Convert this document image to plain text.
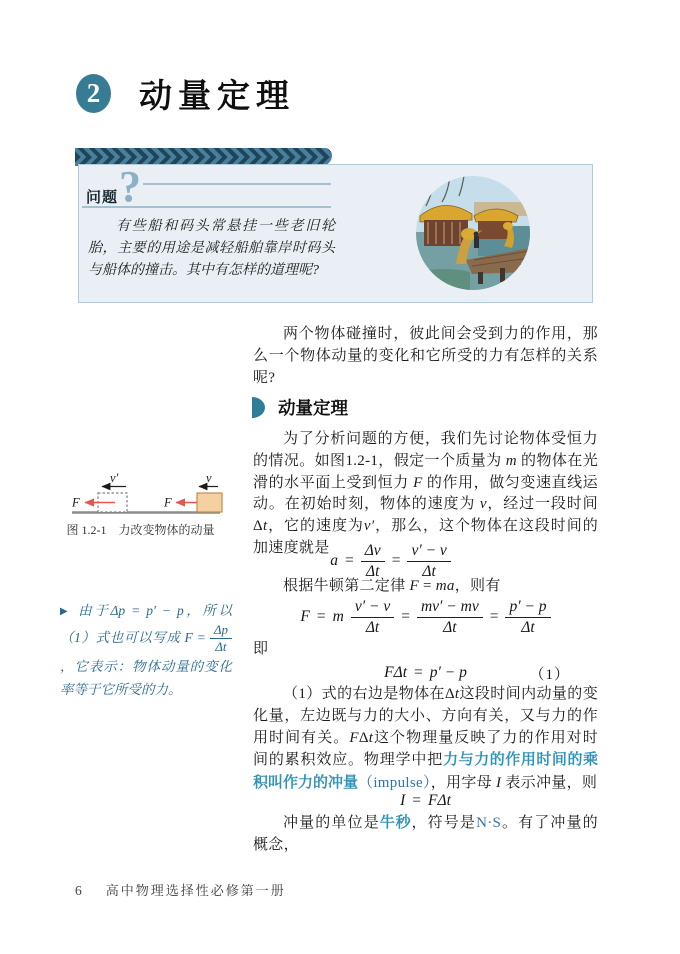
2	动量定理
问题 ?
有些船和码头常悬挂一些老旧轮胎，主要的用途是减轻船舶靠岸时码头与船体的撞击。其中有怎样的道理呢?
两个物体碰撞时，彼此间会受到力的作用，那么一个物体动量的变化和它所受的力有怎样的关系呢?
动量定理
为了分析问题的方便，我们先讨论物体受恒力的情况。如图1.2-1，假定一个质量为 m 的物体在光滑的水平面上受到恒力 F 的作用，做匀变速直线运动。在初始时刻，物体的速度为 v，经过一段时间Δt，它的速度为v′，那么，这个物体在这段时间的加速度就是
$a = \frac{\Delta v}{\Delta t} = \frac{v' - v}{\Delta t}$
根据牛顿第二定律 F = ma，则有
F = m $\frac{v' - v}{\Delta t} = \frac{mv' - mv}{\Delta t} = \frac{p' - p}{\Delta t}$
即
FΔt = p′ − p	（1）
（1）式的右边是物体在Δt这段时间内动量的变化量，左边既与力的大小、方向有关，又与力的作用时间有关。FΔt这个物理量反映了力的作用对时间的累积效应。物理学中把力与力的作用时间的乘积叫作力的冲量（impulse），用字母 I 表示冲量，则
I = FΔt
冲量的单位是牛秒，符号是N·S。有了冲量的概念，
v
v′
F
F
图 1.2-1　力改变物体的动量
▶ 由于Δp = p′ − p，所以（1）式也可以写成 $F = \frac{\Delta p}{\Delta t}$
，它表示：物体动量的变化率等于它所受的力。
6 高中物理选择性必修第一册
